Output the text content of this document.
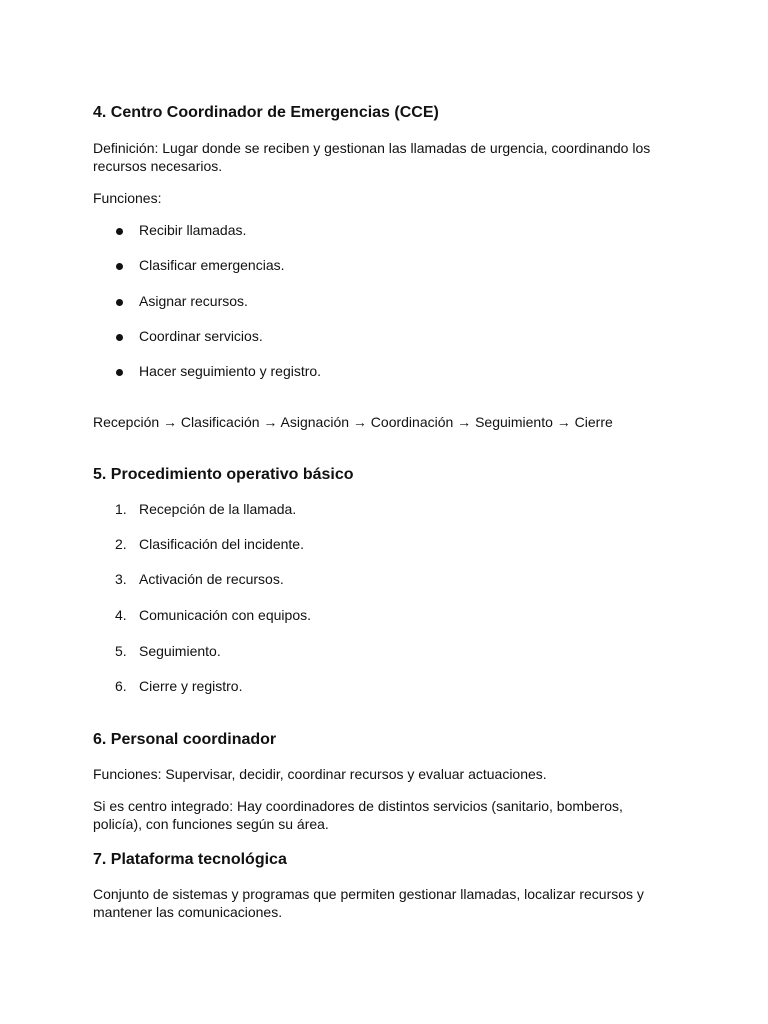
4. Centro Coordinador de Emergencias (CCE)

Definición: Lugar donde se reciben y gestionan las llamadas de urgencia, coordinando los

recursos necesarios.

Funciones:

Recibir llamadas.
Clasificar emergencias.
Asignar recursos.
Coordinar servicios.
Hacer seguimiento y registro.

Recepción → Clasificación → Asignación → Coordinación → Seguimiento → Cierre

5. Procedimiento operativo básico
1. Recepción de la llamada.
2. Clasificación del incidente.
3. Activación de recursos.
4. Comunicación con equipos.
5. Seguimiento.
6. Cierre y registro.
6. Personal coordinador

Funciones: Supervisar, decidir, coordinar recursos y evaluar actuaciones.

Si es centro integrado: Hay coordinadores de distintos servicios (sanitario, bomberos,

policía), con funciones según su área.

7. Plataforma tecnológica

Conjunto de sistemas y programas que permiten gestionar llamadas, localizar recursos y

mantener las comunicaciones.
